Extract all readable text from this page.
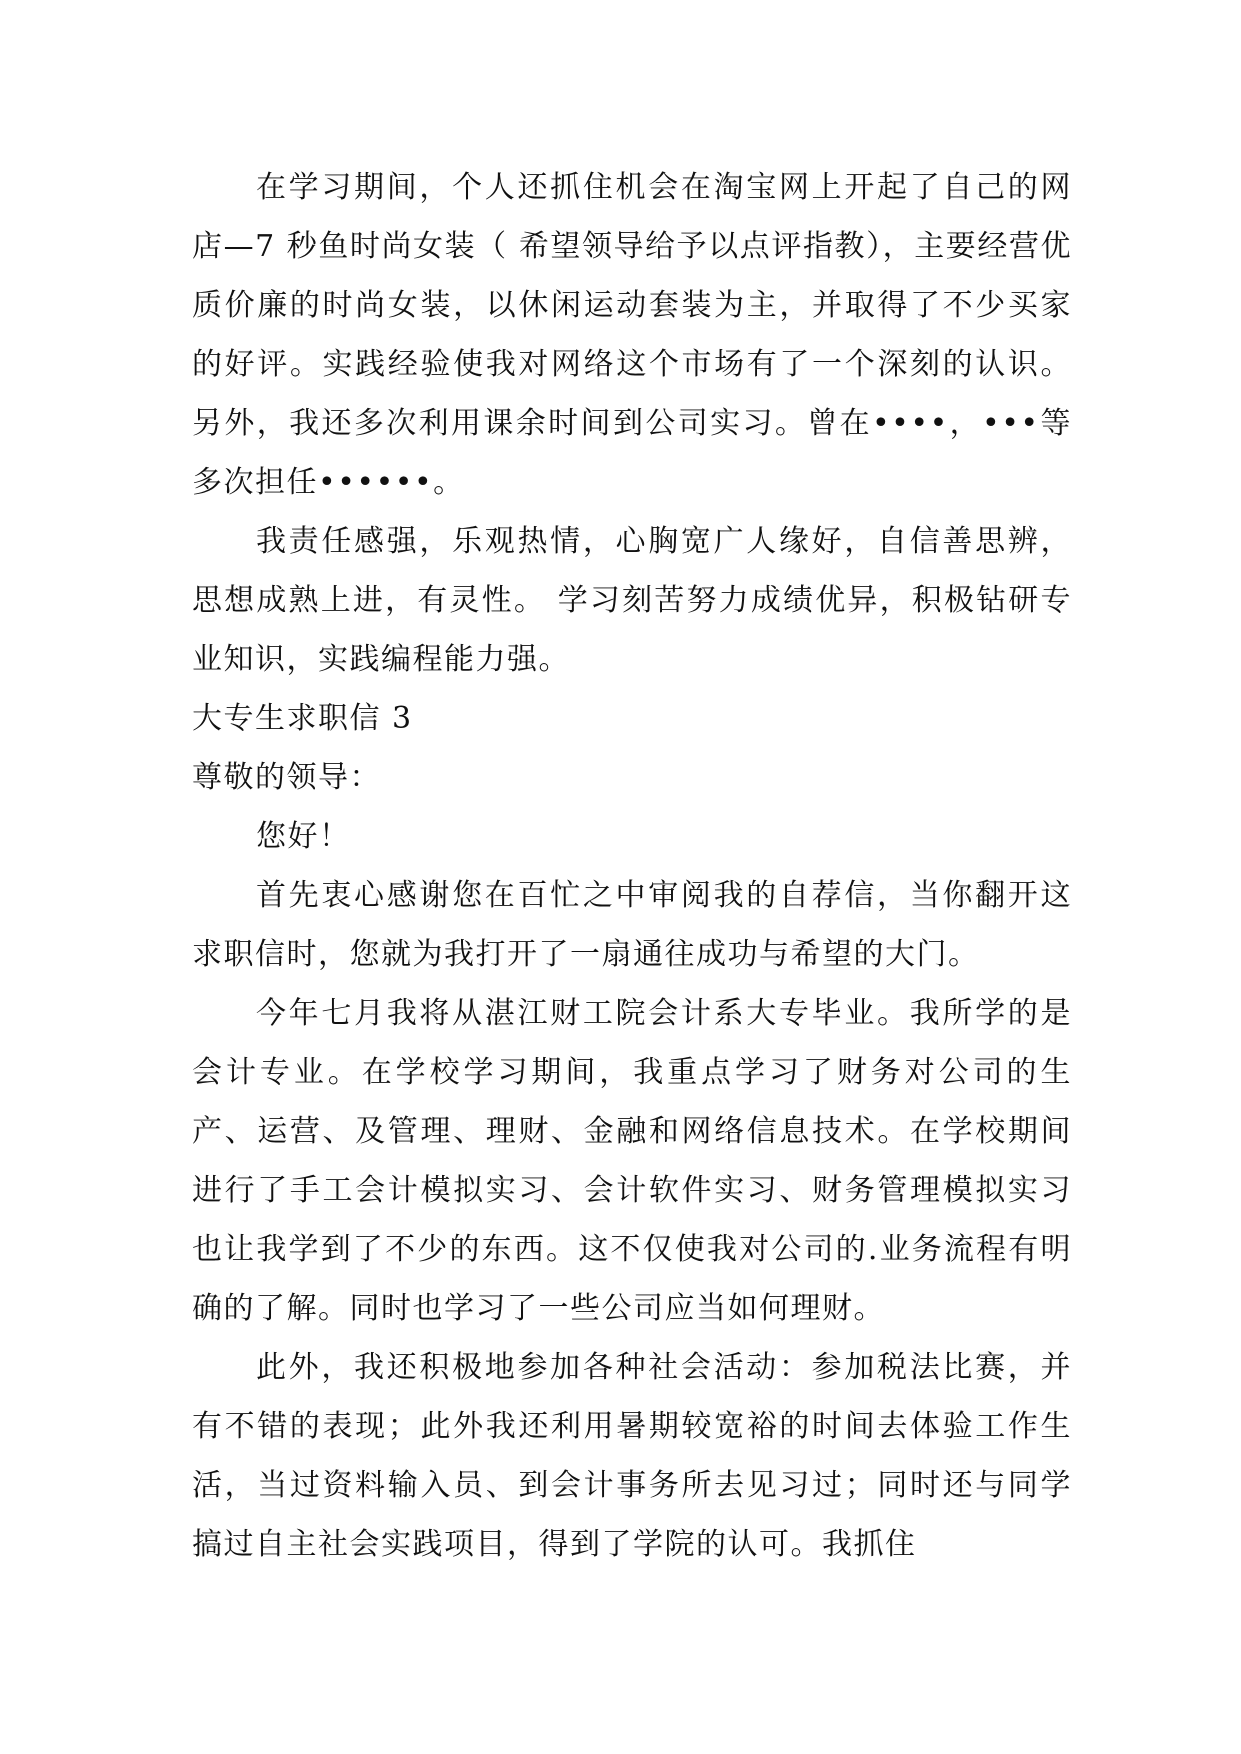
在学习期间，个人还抓住机会在淘宝网上开起了自己的网店—7 秒鱼时尚女装（ 希望领导给予以点评指教），主要经营优质价廉的时尚女装，以休闲运动套装为主，并取得了不少买家的好评。实践经验使我对网络这个市场有了一个深刻的认识。另外，我还多次利用课余时间到公司实习。曾在••••，•••等多次担任••••••。

我责任感强，乐观热情，心胸宽广人缘好，自信善思辨，思想成熟上进，有灵性。 学习刻苦努力成绩优异，积极钻研专业知识，实践编程能力强。

大专生求职信 3

尊敬的领导：

您好！

首先衷心感谢您在百忙之中审阅我的自荐信，当你翻开这求职信时，您就为我打开了一扇通往成功与希望的大门。

今年七月我将从湛江财工院会计系大专毕业。我所学的是会计专业。在学校学习期间，我重点学习了财务对公司的生产、运营、及管理、理财、金融和网络信息技术。在学校期间进行了手工会计模拟实习、会计软件实习、财务管理模拟实习也让我学到了不少的东西。这不仅使我对公司的.业务流程有明确的了解。同时也学习了一些公司应当如何理财。

此外，我还积极地参加各种社会活动：参加税法比赛，并有不错的表现；此外我还利用暑期较宽裕的时间去体验工作生活，当过资料输入员、到会计事务所去见习过；同时还与同学搞过自主社会实践项目，得到了学院的认可。我抓住
